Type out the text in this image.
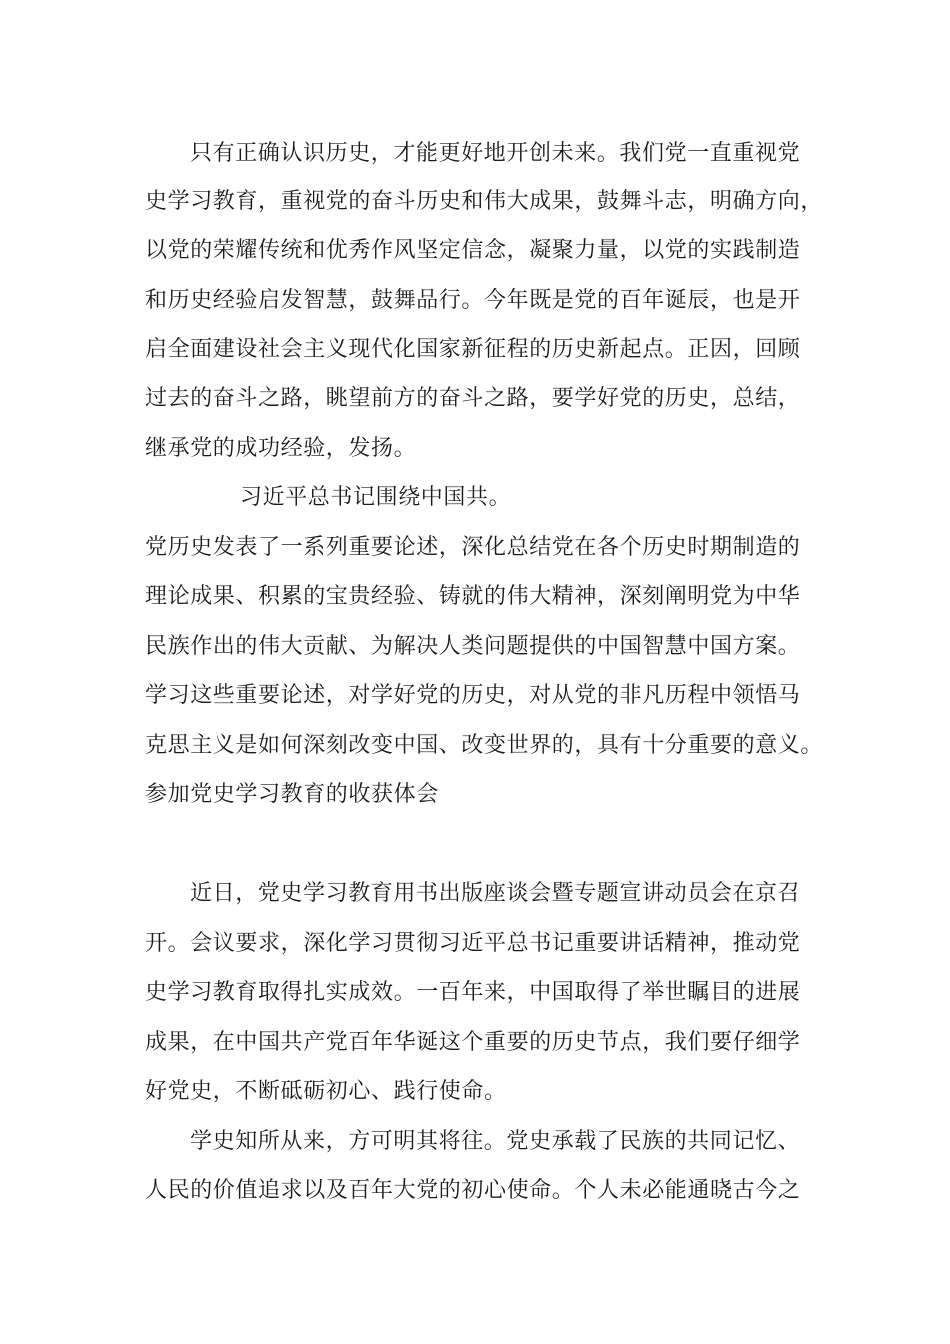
只有正确认识历史，才能更好地开创未来。我们党一直重视党
史学习教育，重视党的奋斗历史和伟大成果，鼓舞斗志，明确方向，
以党的荣耀传统和优秀作风坚定信念，凝聚力量，以党的实践制造
和历史经验启发智慧，鼓舞品行。今年既是党的百年诞辰，也是开
启全面建设社会主义现代化国家新征程的历史新起点。正因，回顾
过去的奋斗之路，眺望前方的奋斗之路，要学好党的历史，总结，
继承党的成功经验，发扬。
习近平总书记围绕中国共。
党历史发表了一系列重要论述，深化总结党在各个历史时期制造的
理论成果、积累的宝贵经验、铸就的伟大精神，深刻阐明党为中华
民族作出的伟大贡献、为解决人类问题提供的中国智慧中国方案。
学习这些重要论述，对学好党的历史，对从党的非凡历程中领悟马
克思主义是如何深刻改变中国、改变世界的，具有十分重要的意义。
参加党史学习教育的收获体会
近日，党史学习教育用书出版座谈会暨专题宣讲动员会在京召
开。会议要求，深化学习贯彻习近平总书记重要讲话精神，推动党
史学习教育取得扎实成效。一百年来，中国取得了举世瞩目的进展
成果，在中国共产党百年华诞这个重要的历史节点，我们要仔细学
好党史，不断砥砺初心、践行使命。
学史知所从来，方可明其将往。党史承载了民族的共同记忆、
人民的价值追求以及百年大党的初心使命。个人未必能通晓古今之
